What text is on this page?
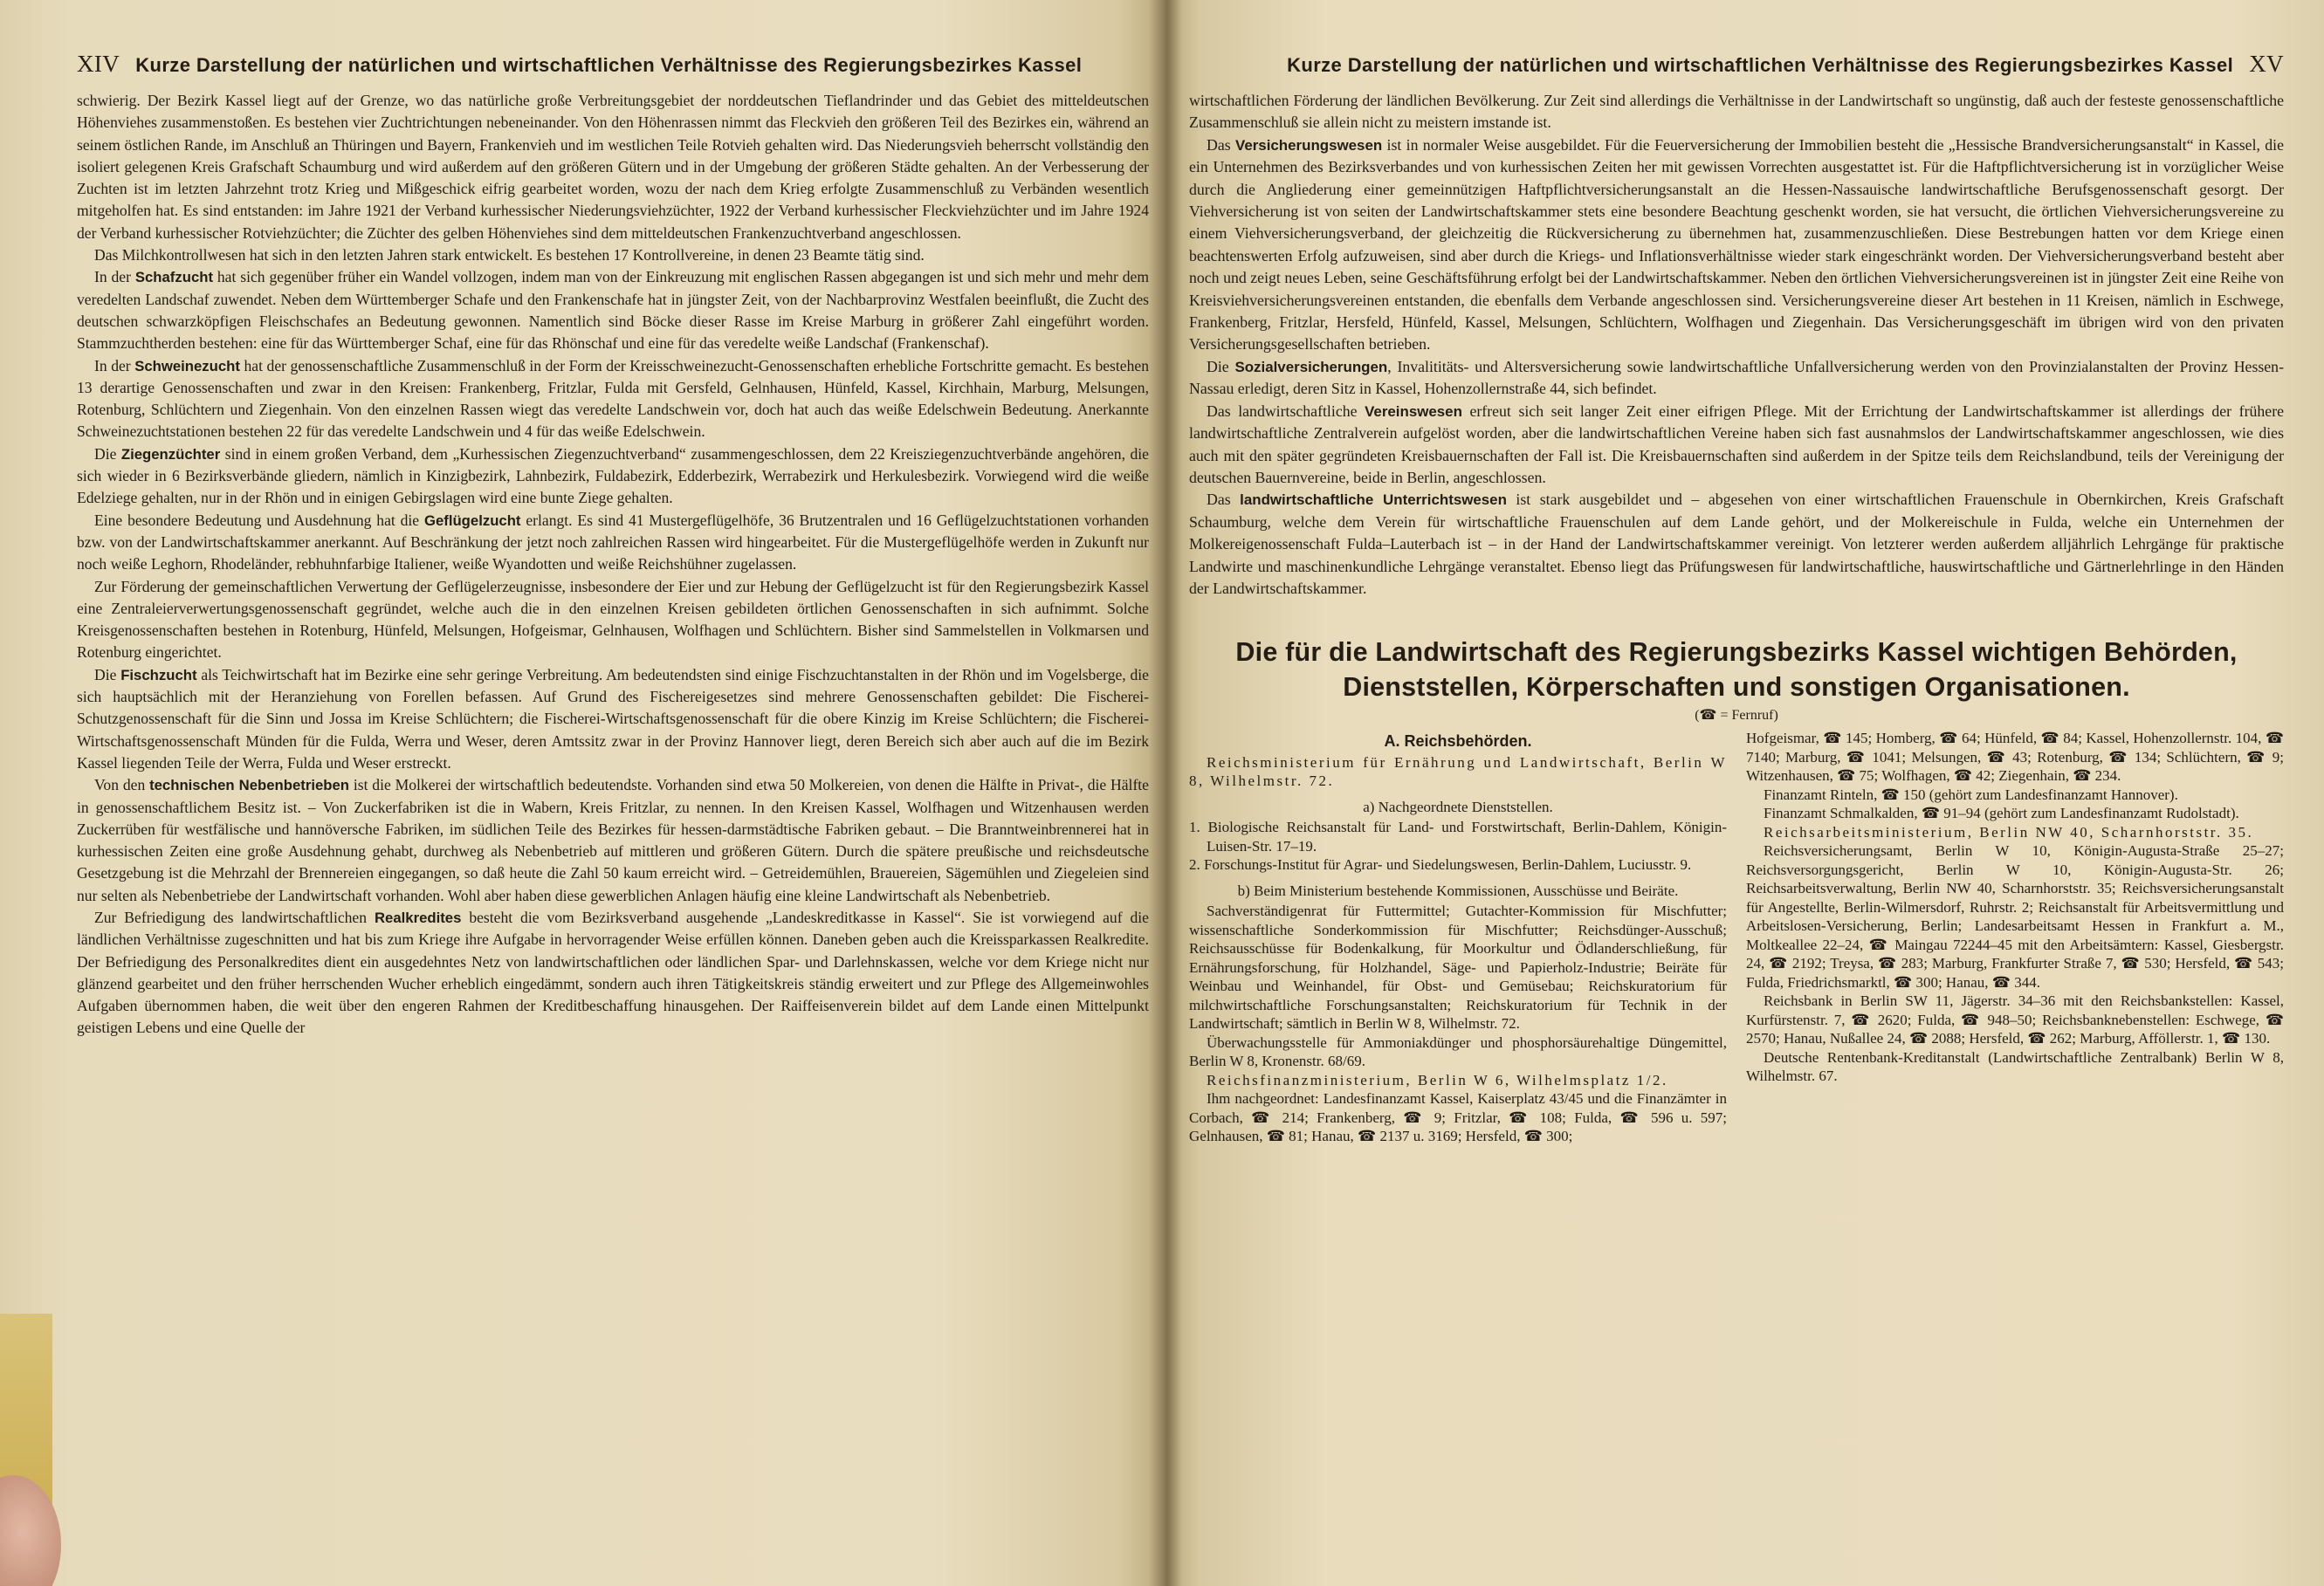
XIV Kurze Darstellung der natürlichen und wirtschaftlichen Verhältnisse des Regierungsbezirkes Kassel

schwierig. Der Bezirk Kassel liegt auf der Grenze, wo das natürliche große Verbreitungsgebiet der norddeutschen Tieflandrinder und das Gebiet des mitteldeutschen Höhenviehes zusammenstoßen. Es bestehen vier Zuchtrichtungen nebeneinander. Von den Höhenrassen nimmt das Fleckvieh den größeren Teil des Bezirkes ein, während an seinem östlichen Rande, im Anschluß an Thüringen und Bayern, Frankenvieh und im westlichen Teile Rotvieh gehalten wird. Das Niederungsvieh beherrscht vollständig den isoliert gelegenen Kreis Grafschaft Schaumburg und wird außerdem auf den größeren Gütern und in der Umgebung der größeren Städte gehalten. An der Verbesserung der Zuchten ist im letzten Jahrzehnt trotz Krieg und Mißgeschick eifrig gearbeitet worden, wozu der nach dem Krieg erfolgte Zusammenschluß zu Verbänden wesentlich mitgeholfen hat. Es sind entstanden: im Jahre 1921 der Verband kurhessischer Niederungsviehzüchter, 1922 der Verband kurhessischer Fleckviehzüchter und im Jahre 1924 der Verband kurhessischer Rotviehzüchter; die Züchter des gelben Höhenviehes sind dem mitteldeutschen Frankenzuchtverband angeschlossen.

Das Milchkontrollwesen hat sich in den letzten Jahren stark entwickelt. Es bestehen 17 Kontrollvereine, in denen 23 Beamte tätig sind.

In der Schafzucht hat sich gegenüber früher ein Wandel vollzogen, indem man von der Einkreuzung mit englischen Rassen abgegangen ist und sich mehr und mehr dem veredelten Landschaf zuwendet. Neben dem Württemberger Schafe und den Frankenschafe hat in jüngster Zeit, von der Nachbarprovinz Westfalen beeinflußt, die Zucht des deutschen schwarzköpfigen Fleischschafes an Bedeutung gewonnen. Namentlich sind Böcke dieser Rasse im Kreise Marburg in größerer Zahl eingeführt worden. Stammzuchtherden bestehen: eine für das Württemberger Schaf, eine für das Rhönschaf und eine für das veredelte weiße Landschaf (Frankenschaf).

In der Schweinezucht hat der genossenschaftliche Zusammenschluß in der Form der Kreisschweinezucht-Genossenschaften erhebliche Fortschritte gemacht. Es bestehen 13 derartige Genossenschaften und zwar in den Kreisen: Frankenberg, Fritzlar, Fulda mit Gersfeld, Gelnhausen, Hünfeld, Kassel, Kirchhain, Marburg, Melsungen, Rotenburg, Schlüchtern und Ziegenhain. Von den einzelnen Rassen wiegt das veredelte Landschwein vor, doch hat auch das weiße Edelschwein Bedeutung. Anerkannte Schweinezuchtstationen bestehen 22 für das veredelte Landschwein und 4 für das weiße Edelschwein.

Die Ziegenzüchter sind in einem großen Verband, dem „Kurhessischen Ziegenzuchtverband“ zusammengeschlossen, dem 22 Kreisziegenzuchtverbände angehören, die sich wieder in 6 Bezirksverbände gliedern, nämlich in Kinzigbezirk, Lahnbezirk, Fuldabezirk, Edderbezirk, Werrabezirk und Herkulesbezirk. Vorwiegend wird die weiße Edelziege gehalten, nur in der Rhön und in einigen Gebirgslagen wird eine bunte Ziege gehalten.

Eine besondere Bedeutung und Ausdehnung hat die Geflügelzucht erlangt. Es sind 41 Mustergeflügelhöfe, 36 Brutzentralen und 16 Geflügelzuchtstationen vorhanden bzw. von der Landwirtschaftskammer anerkannt. Auf Beschränkung der jetzt noch zahlreichen Rassen wird hingearbeitet. Für die Mustergeflügelhöfe werden in Zukunft nur noch weiße Leghorn, Rhodeländer, rebhuhnfarbige Italiener, weiße Wyandotten und weiße Reichshühner zugelassen.

Zur Förderung der gemeinschaftlichen Verwertung der Geflügelerzeugnisse, insbesondere der Eier und zur Hebung der Geflügelzucht ist für den Regierungsbezirk Kassel eine Zentraleierverwertungsgenossenschaft gegründet, welche auch die in den einzelnen Kreisen gebildeten örtlichen Genossenschaften in sich aufnimmt. Solche Kreisgenossenschaften bestehen in Rotenburg, Hünfeld, Melsungen, Hofgeismar, Gelnhausen, Wolfhagen und Schlüchtern. Bisher sind Sammelstellen in Volkmarsen und Rotenburg eingerichtet.

Die Fischzucht als Teichwirtschaft hat im Bezirke eine sehr geringe Verbreitung. Am bedeutendsten sind einige Fischzuchtanstalten in der Rhön und im Vogelsberge, die sich hauptsächlich mit der Heranziehung von Forellen befassen. Auf Grund des Fischereigesetzes sind mehrere Genossenschaften gebildet: Die Fischerei-Schutzgenossenschaft für die Sinn und Jossa im Kreise Schlüchtern; die Fischerei-Wirtschaftsgenossenschaft für die obere Kinzig im Kreise Schlüchtern; die Fischerei-Wirtschaftsgenossenschaft Münden für die Fulda, Werra und Weser, deren Amtssitz zwar in der Provinz Hannover liegt, deren Bereich sich aber auch auf die im Bezirk Kassel liegenden Teile der Werra, Fulda und Weser erstreckt.

Von den technischen Nebenbetrieben ist die Molkerei der wirtschaftlich bedeutendste. Vorhanden sind etwa 50 Molkereien, von denen die Hälfte in Privat-, die Hälfte in genossenschaftlichem Besitz ist. – Von Zuckerfabriken ist die in Wabern, Kreis Fritzlar, zu nennen. In den Kreisen Kassel, Wolfhagen und Witzenhausen werden Zuckerrüben für westfälische und hannöversche Fabriken, im südlichen Teile des Bezirkes für hessen-darmstädtische Fabriken gebaut. – Die Branntweinbrennerei hat in kurhessischen Zeiten eine große Ausdehnung gehabt, durchweg als Nebenbetrieb auf mittleren und größeren Gütern. Durch die spätere preußische und reichsdeutsche Gesetzgebung ist die Mehrzahl der Brennereien eingegangen, so daß heute die Zahl 50 kaum erreicht wird. – Getreidemühlen, Brauereien, Sägemühlen und Ziegeleien sind nur selten als Nebenbetriebe der Landwirtschaft vorhanden. Wohl aber haben diese gewerblichen Anlagen häufig eine kleine Landwirtschaft als Nebenbetrieb.

Zur Befriedigung des landwirtschaftlichen Realkredites besteht die vom Bezirksverband ausgehende „Landeskreditkasse in Kassel“. Sie ist vorwiegend auf die ländlichen Verhältnisse zugeschnitten und hat bis zum Kriege ihre Aufgabe in hervorragender Weise erfüllen können. Daneben geben auch die Kreissparkassen Realkredite. Der Befriedigung des Personalkredites dient ein ausgedehntes Netz von landwirtschaftlichen oder ländlichen Spar- und Darlehnskassen, welche vor dem Kriege nicht nur glänzend gearbeitet und den früher herrschenden Wucher erheblich eingedämmt, sondern auch ihren Tätigkeitskreis ständig erweitert und zur Pflege des Allgemeinwohles Aufgaben übernommen haben, die weit über den engeren Rahmen der Kreditbeschaffung hinausgehen. Der Raiffeisenverein bildet auf dem Lande einen Mittelpunkt geistigen Lebens und eine Quelle der

Kurze Darstellung der natürlichen und wirtschaftlichen Verhältnisse des Regierungsbezirkes Kassel XV

wirtschaftlichen Förderung der ländlichen Bevölkerung. Zur Zeit sind allerdings die Verhältnisse in der Landwirtschaft so ungünstig, daß auch der festeste genossenschaftliche Zusammenschluß sie allein nicht zu meistern imstande ist.

Das Versicherungswesen ist in normaler Weise ausgebildet. Für die Feuerversicherung der Immobilien besteht die „Hessische Brandversicherungsanstalt“ in Kassel, die ein Unternehmen des Bezirksverbandes und von kurhessischen Zeiten her mit gewissen Vorrechten ausgestattet ist. Für die Haftpflichtversicherung ist in vorzüglicher Weise durch die Angliederung einer gemeinnützigen Haftpflichtversicherungsanstalt an die Hessen-Nassauische landwirtschaftliche Berufsgenossenschaft gesorgt. Der Viehversicherung ist von seiten der Landwirtschaftskammer stets eine besondere Beachtung geschenkt worden, sie hat versucht, die örtlichen Viehversicherungsvereine zu einem Viehversicherungsverband, der gleichzeitig die Rückversicherung zu übernehmen hat, zusammenzuschließen. Diese Bestrebungen hatten vor dem Kriege einen beachtenswerten Erfolg aufzuweisen, sind aber durch die Kriegs- und Inflationsverhältnisse wieder stark eingeschränkt worden. Der Viehversicherungsverband besteht aber noch und zeigt neues Leben, seine Geschäftsführung erfolgt bei der Landwirtschaftskammer. Neben den örtlichen Viehversicherungsvereinen ist in jüngster Zeit eine Reihe von Kreisviehversicherungsvereinen entstanden, die ebenfalls dem Verbande angeschlossen sind. Versicherungsvereine dieser Art bestehen in 11 Kreisen, nämlich in Eschwege, Frankenberg, Fritzlar, Hersfeld, Hünfeld, Kassel, Melsungen, Schlüchtern, Wolfhagen und Ziegenhain. Das Versicherungsgeschäft im übrigen wird von den privaten Versicherungsgesellschaften betrieben.

Die Sozialversicherungen, Invalititäts- und Altersversicherung sowie landwirtschaftliche Unfallversicherung werden von den Provinzialanstalten der Provinz Hessen-Nassau erledigt, deren Sitz in Kassel, Hohenzollernstraße 44, sich befindet.

Das landwirtschaftliche Vereinswesen erfreut sich seit langer Zeit einer eifrigen Pflege. Mit der Errichtung der Landwirtschaftskammer ist allerdings der frühere landwirtschaftliche Zentralverein aufgelöst worden, aber die landwirtschaftlichen Vereine haben sich fast ausnahmslos der Landwirtschaftskammer angeschlossen, wie dies auch mit den später gegründeten Kreisbauernschaften der Fall ist. Die Kreisbauernschaften sind außerdem in der Spitze teils dem Reichslandbund, teils der Vereinigung der deutschen Bauernvereine, beide in Berlin, angeschlossen.

Das landwirtschaftliche Unterrichtswesen ist stark ausgebildet und – abgesehen von einer wirtschaftlichen Frauenschule in Obernkirchen, Kreis Grafschaft Schaumburg, welche dem Verein für wirtschaftliche Frauenschulen auf dem Lande gehört, und der Molkereischule in Fulda, welche ein Unternehmen der Molkereigenossenschaft Fulda–Lauterbach ist – in der Hand der Landwirtschaftskammer vereinigt. Von letzterer werden außerdem alljährlich Lehrgänge für praktische Landwirte und maschinenkundliche Lehrgänge veranstaltet. Ebenso liegt das Prüfungswesen für landwirtschaftliche, hauswirtschaftliche und Gärtnerlehrlinge in den Händen der Landwirtschaftskammer.

Die für die Landwirtschaft des Regierungsbezirks Kassel wichtigen Behörden,
Dienststellen, Körperschaften und sonstigen Organisationen.
(☎ = Fernruf)
A. Reichsbehörden.

Reichsministerium für Ernährung und Landwirtschaft, Berlin W 8, Wilhelmstr. 72.

a) Nachgeordnete Dienststellen.

1. Biologische Reichsanstalt für Land- und Forstwirtschaft, Berlin-Dahlem, Königin-Luisen-Str. 17–19.

2. Forschungs-Institut für Agrar- und Siedelungswesen, Berlin-Dahlem, Luciusstr. 9.

b) Beim Ministerium bestehende Kommissionen, Ausschüsse und Beiräte.

Sachverständigenrat für Futtermittel; Gutachter-Kommission für Mischfutter; wissenschaftliche Sonderkommission für Mischfutter; Reichsdünger-Ausschuß; Reichsausschüsse für Bodenkalkung, für Moorkultur und Ödlanderschließung, für Ernährungsforschung, für Holzhandel, Säge- und Papierholz-Industrie; Beiräte für Weinbau und Weinhandel, für Obst- und Gemüsebau; Reichskuratorium für milchwirtschaftliche Forschungsanstalten; Reichskuratorium für Technik in der Landwirtschaft; sämtlich in Berlin W 8, Wilhelmstr. 72.

Überwachungsstelle für Ammoniakdünger und phosphorsäurehaltige Düngemittel, Berlin W 8, Kronenstr. 68/69.

Reichsfinanzministerium, Berlin W 6, Wilhelmsplatz 1/2.

Ihm nachgeordnet: Landesfinanzamt Kassel, Kaiserplatz 43/45 und die Finanzämter in Corbach, ☎ 214; Frankenberg, ☎ 9; Fritzlar, ☎ 108; Fulda, ☎ 596 u. 597; Gelnhausen, ☎ 81; Hanau, ☎ 2137 u. 3169; Hersfeld, ☎ 300;

Hofgeismar, ☎ 145; Homberg, ☎ 64; Hünfeld, ☎ 84; Kassel, Hohenzollernstr. 104, ☎ 7140; Marburg, ☎ 1041; Melsungen, ☎ 43; Rotenburg, ☎ 134; Schlüchtern, ☎ 9; Witzenhausen, ☎ 75; Wolfhagen, ☎ 42; Ziegenhain, ☎ 234.

Finanzamt Rinteln, ☎ 150 (gehört zum Landesfinanzamt Hannover).

Finanzamt Schmalkalden, ☎ 91–94 (gehört zum Landesfinanzamt Rudolstadt).

Reichsarbeitsministerium, Berlin NW 40, Scharnhorststr. 35.

Reichsversicherungsamt, Berlin W 10, Königin-Augusta-Straße 25–27; Reichsversorgungsgericht, Berlin W 10, Königin-Augusta-Str. 26; Reichsarbeitsverwaltung, Berlin NW 40, Scharnhorststr. 35; Reichsversicherungsanstalt für Angestellte, Berlin-Wilmersdorf, Ruhrstr. 2; Reichsanstalt für Arbeitsvermittlung und Arbeitslosen-Versicherung, Berlin; Landesarbeitsamt Hessen in Frankfurt a. M., Moltkeallee 22–24, ☎ Maingau 72244–45 mit den Arbeitsämtern: Kassel, Giesbergstr. 24, ☎ 2192; Treysa, ☎ 283; Marburg, Frankfurter Straße 7, ☎ 530; Hersfeld, ☎ 543; Fulda, Friedrichsmarktl, ☎ 300; Hanau, ☎ 344.

Reichsbank in Berlin SW 11, Jägerstr. 34–36 mit den Reichsbankstellen: Kassel, Kurfürstenstr. 7, ☎ 2620; Fulda, ☎ 948–50; Reichsbanknebenstellen: Eschwege, ☎ 2570; Hanau, Nußallee 24, ☎ 2088; Hersfeld, ☎ 262; Marburg, Afföllerstr. 1, ☎ 130.

Deutsche Rentenbank-Kreditanstalt (Landwirtschaftliche Zentralbank) Berlin W 8, Wilhelmstr. 67.
